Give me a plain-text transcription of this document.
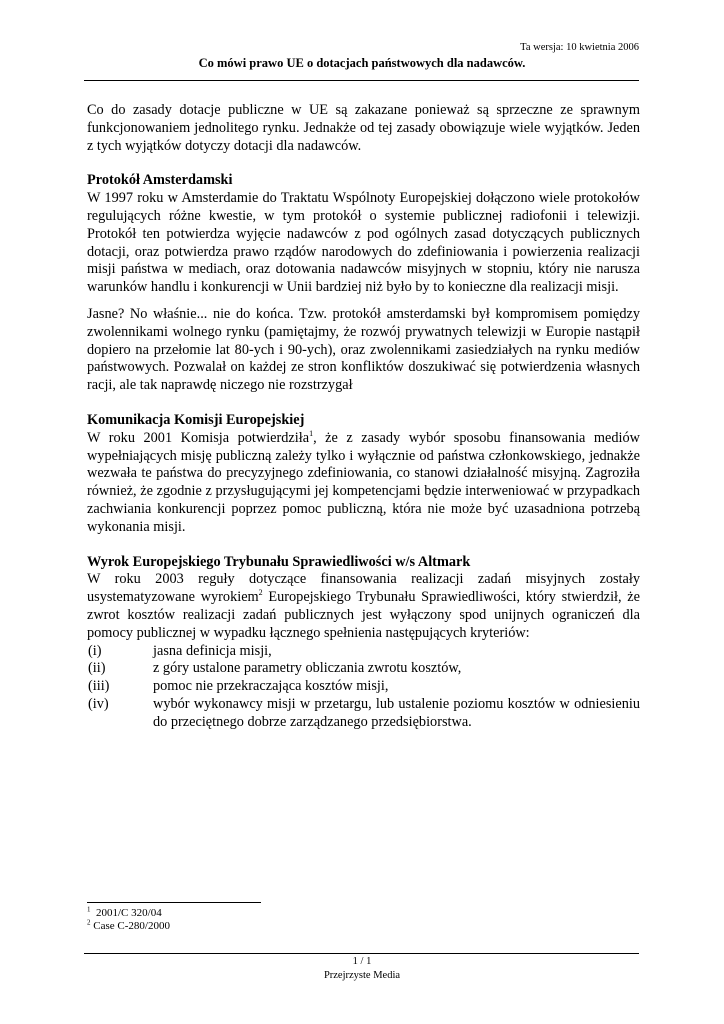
Ta wersja: 10 kwietnia 2006
Co mówi prawo UE o dotacjach państwowych dla nadawców.

Co do zasady dotacje publiczne w UE są zakazane ponieważ są sprzeczne ze sprawnym funkcjonowaniem jednolitego rynku. Jednakże od tej zasady obowiązuje wiele wyjątków. Jeden z tych wyjątków dotyczy dotacji dla nadawców.

Protokół Amsterdamski

W 1997 roku w Amsterdamie do Traktatu Wspólnoty Europejskiej dołączono wiele protokołów regulujących różne kwestie, w tym protokół o systemie publicznej radiofonii i telewizji. Protokół ten potwierdza wyjęcie nadawców z pod ogólnych zasad dotyczących publicznych dotacji, oraz potwierdza prawo rządów narodowych do zdefiniowania i powierzenia realizacji misji państwa w mediach, oraz dotowania nadawców misyjnych w stopniu, który nie narusza warunków handlu i konkurencji w Unii bardziej niż było by to konieczne dla realizacji misji.

Jasne? No właśnie... nie do końca. Tzw. protokół amsterdamski był kompromisem pomiędzy zwolennikami wolnego rynku (pamiętajmy, że rozwój prywatnych telewizji w Europie nastąpił dopiero na przełomie lat 80-ych i 90-ych), oraz zwolennikami zasiedziałych na rynku mediów państwowych. Pozwalał on każdej ze stron konfliktów doszukiwać się potwierdzenia własnych racji, ale tak naprawdę niczego nie rozstrzygał

Komunikacja Komisji Europejskiej

W roku 2001 Komisja potwierdziła$^1$, że z zasady wybór sposobu finansowania mediów wypełniających misję publiczną zależy tylko i wyłącznie od państwa członkowskiego, jednakże wezwała te państwa do precyzyjnego zdefiniowania, co stanowi działalność misyjną. Zagroziła również, że zgodnie z przysługującymi jej kompetencjami będzie interweniować w przypadkach zachwiania konkurencji poprzez pomoc publiczną, która nie może być uzasadniona potrzebą wykonania misji.

Wyrok Europejskiego Trybunału Sprawiedliwości w/s Altmark

W roku 2003 reguły dotyczące finansowania realizacji zadań misyjnych zostały usystematyzowane wyrokiem$^2$ Europejskiego Trybunału Sprawiedliwości, który stwierdził, że zwrot kosztów realizacji zadań publicznych jest wyłączony spod unijnych ograniczeń dla pomocy publicznej w wypadku łącznego spełnienia następujących kryteriów:

(i)	jasna definicja misji,
(ii)	z góry ustalone parametry obliczania zwrotu kosztów,
(iii)	pomoc nie przekraczająca kosztów misji,
(iv)	wybór wykonawcy misji w przetargu, lub ustalenie poziomu kosztów w odniesieniu do przeciętnego dobrze zarządzanego przedsiębiorstwa.
$^1$ 2001/C 320/04
$^2$ Case C-280/2000
1 / 1
Przejrzyste Media
